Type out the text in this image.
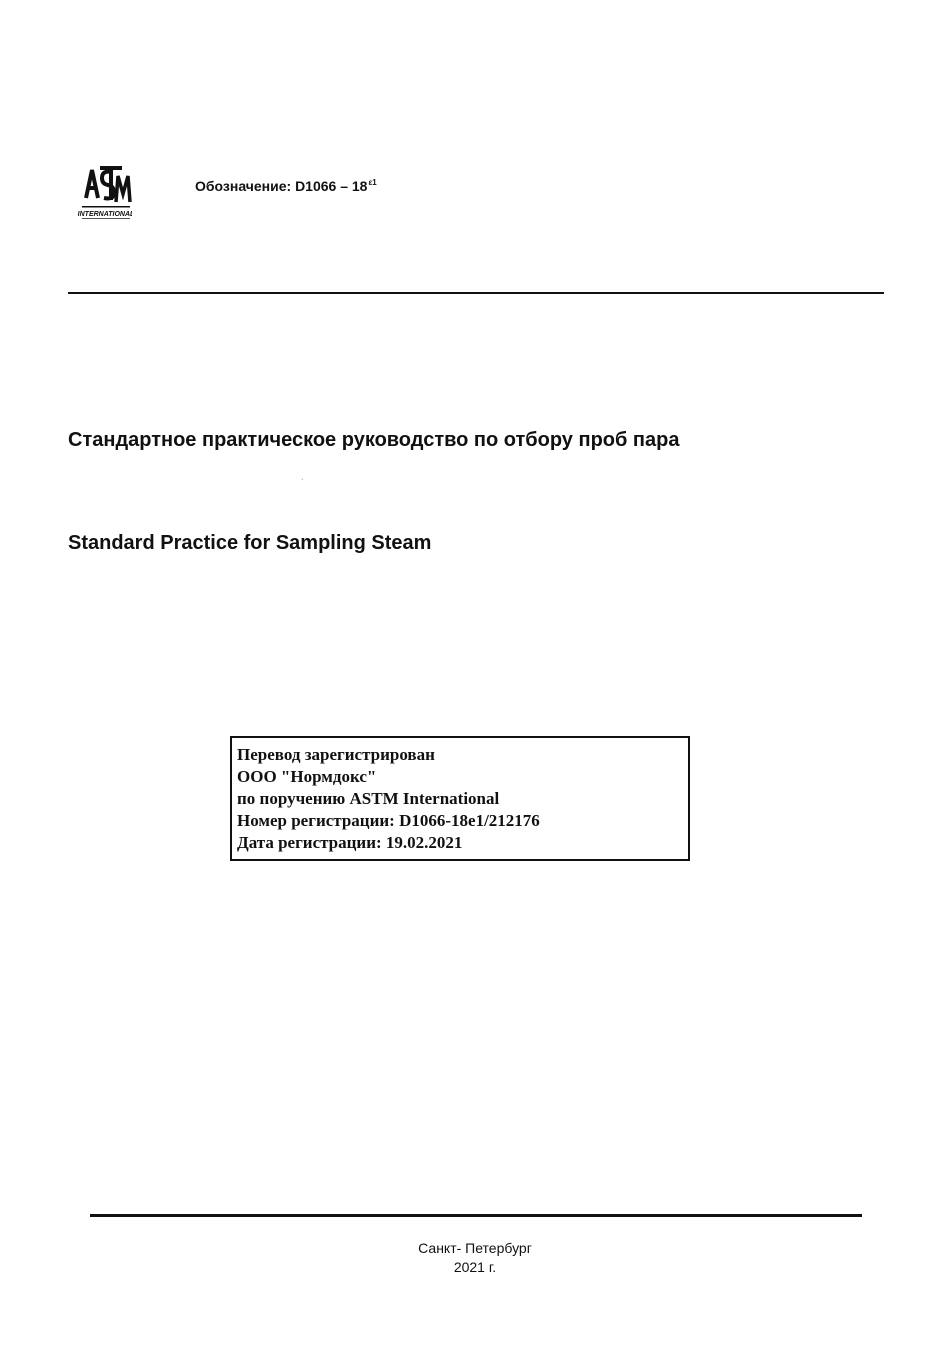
INTERNATIONAL
Обозначение: $D1066 - 18^{\varepsilon 1}$
Стандартное практическое руководство по отбору проб пара
ˊ
Standard Practice for Sampling Steam
Перевод зарегистрирован
ООО "Нормдокс"
по поручению ASTM International
Номер регистрации: D1066-18e1/212176
Дата регистрации: 19.02.2021
Санкт- Петербург
2021 г.
